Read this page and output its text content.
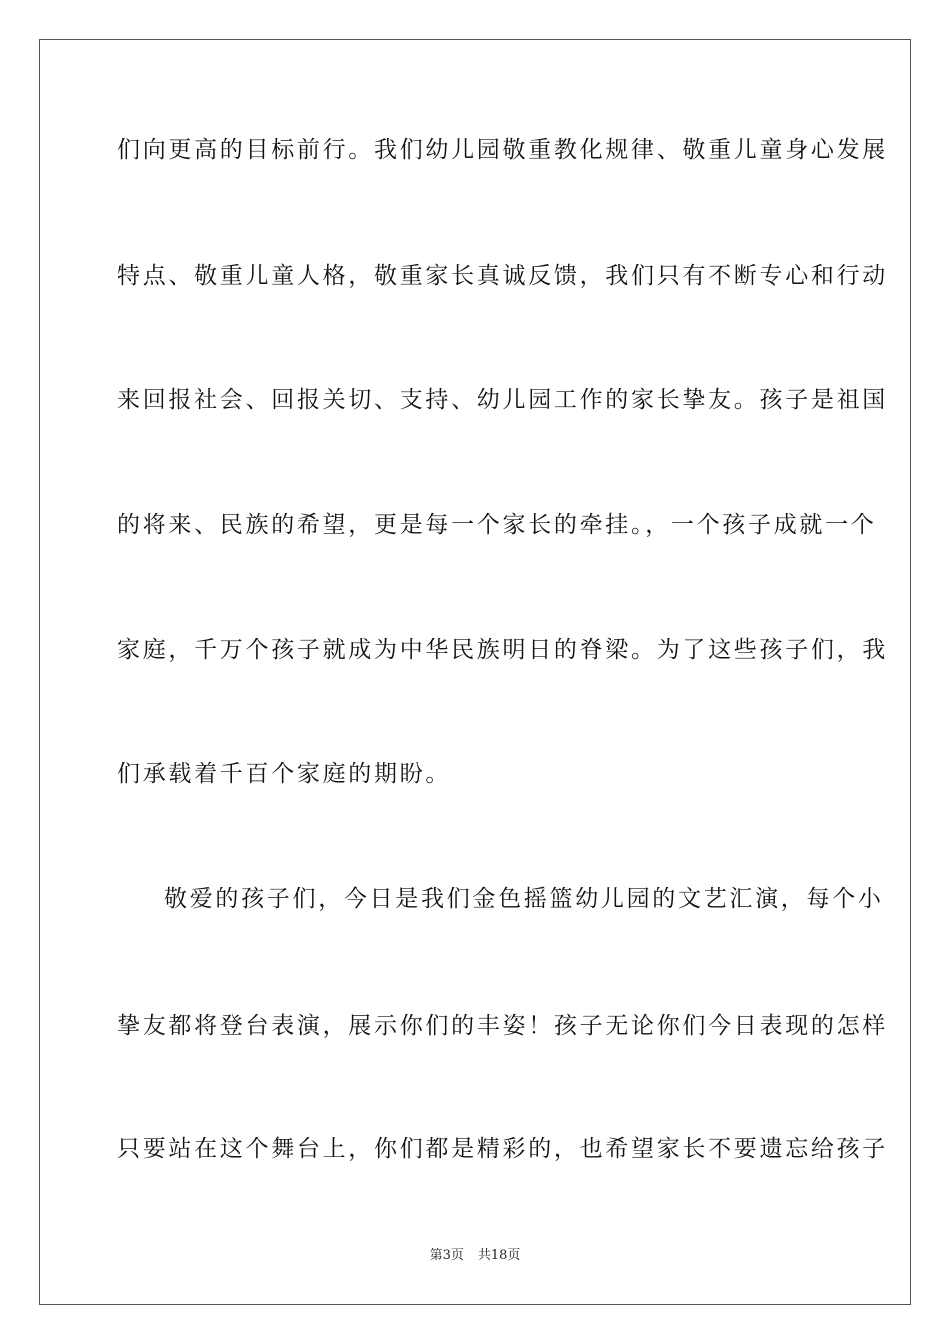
们向更高的目标前行。我们幼儿园敬重教化规律、敬重儿童身心发展
特点、敬重儿童人格，敬重家长真诚反馈，我们只有不断专心和行动
来回报社会、回报关切、支持、幼儿园工作的家长挚友。孩子是祖国
的将来、民族的希望，更是每一个家长的牵挂。，一个孩子成就一个
家庭，千万个孩子就成为中华民族明日的脊梁。为了这些孩子们，我
们承载着千百个家庭的期盼。
敬爱的孩子们，今日是我们金色摇篮幼儿园的文艺汇演，每个小
挚友都将登台表演，展示你们的丰姿！孩子无论你们今日表现的怎样
只要站在这个舞台上，你们都是精彩的，也希望家长不要遗忘给孩子
第3页 共18页
